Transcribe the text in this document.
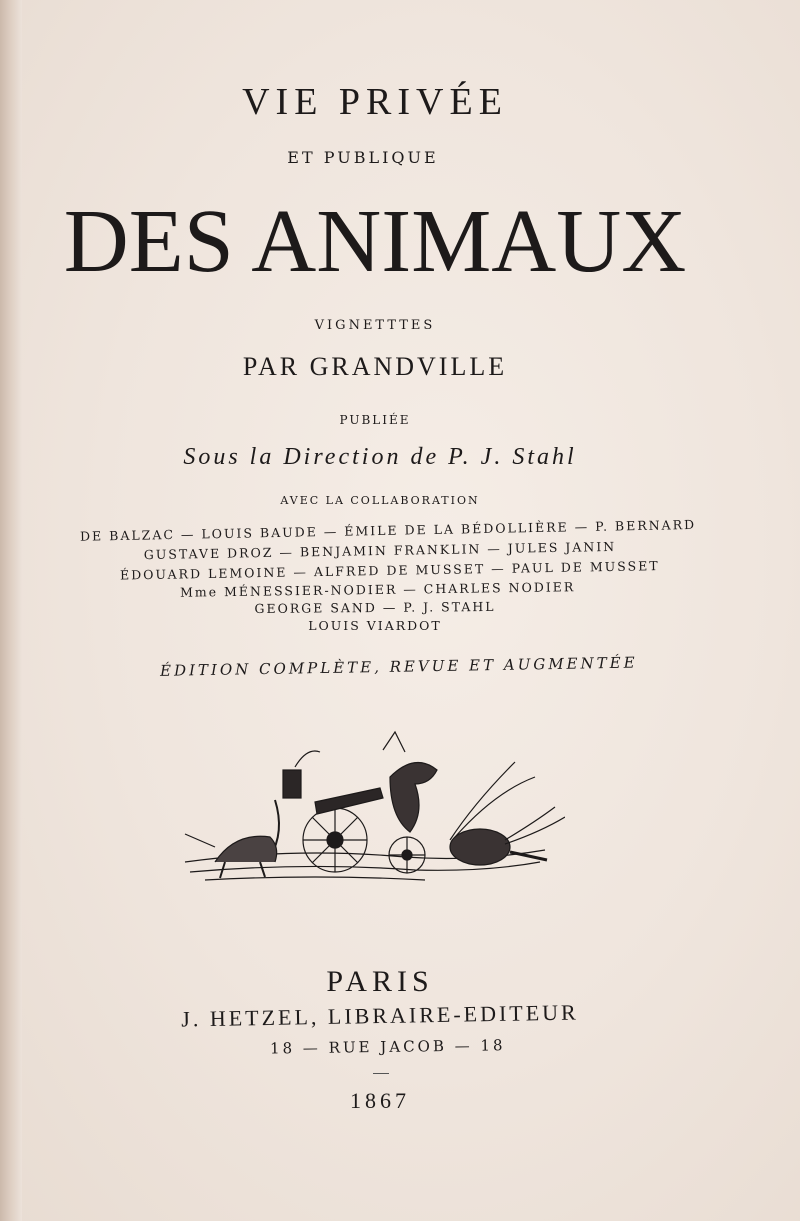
VIE PRIVÉE
ET PUBLIQUE
DES ANIMAUX
VIGNETTTES
PAR GRANDVILLE
PUBLIÉE
Sous la Direction de P. J. Stahl
AVEC LA COLLABORATION
DE BALZAC — LOUIS BAUDE — ÉMILE DE LA BÉDOLLIÈRE — P. BERNARD
GUSTAVE DROZ — BENJAMIN FRANKLIN — JULES JANIN
ÉDOUARD LEMOINE — ALFRED DE MUSSET — PAUL DE MUSSET
Mme MÉNESSIER-NODIER — CHARLES NODIER
GEORGE SAND — P. J. STAHL
LOUIS VIARDOT
ÉDITION COMPLÈTE, REVUE ET AUGMENTÉE
PARIS
J. HETZEL, LIBRAIRE-EDITEUR
18 — RUE JACOB — 18
1867
